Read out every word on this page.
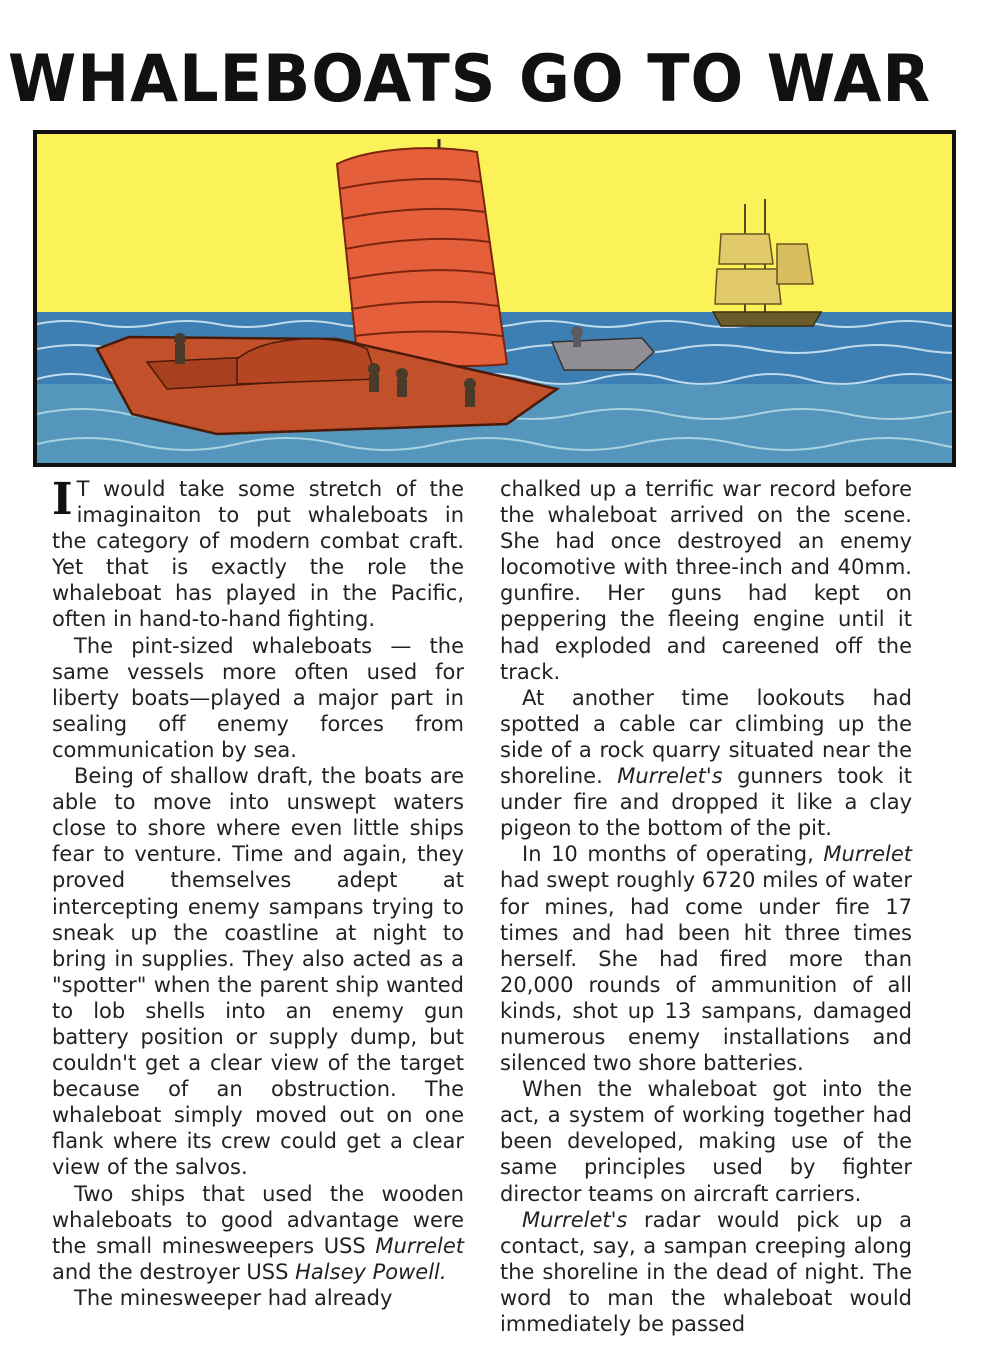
WHALEBOATS GO TO WAR

I T would take some stretch of the imaginaiton to put whaleboats in the category of modern combat craft. Yet that is exactly the role the whaleboat has played in the Pacific, often in hand-to-hand fighting.

The pint-sized whaleboats — the same vessels more often used for liberty boats—played a major part in sealing off enemy forces from communication by sea.

Being of shallow draft, the boats are able to move into unswept waters close to shore where even little ships fear to venture. Time and again, they proved themselves adept at intercepting enemy sampans trying to sneak up the coastline at night to bring in supplies. They also acted as a "spotter" when the parent ship wanted to lob shells into an enemy gun battery position or supply dump, but couldn't get a clear view of the target because of an obstruction. The whaleboat simply moved out on one flank where its crew could get a clear view of the salvos.

Two ships that used the wooden whaleboats to good advantage were the small minesweepers USS Murrelet and the destroyer USS Halsey Powell.

The minesweeper had already

chalked up a terrific war record before the whaleboat arrived on the scene. She had once destroyed an enemy locomotive with three-inch and 40mm. gunfire. Her guns had kept on peppering the fleeing engine until it had exploded and careened off the track.

At another time lookouts had spotted a cable car climbing up the side of a rock quarry situated near the shoreline. Murrelet's gunners took it under fire and dropped it like a clay pigeon to the bottom of the pit.

In 10 months of operating, Murrelet had swept roughly 6720 miles of water for mines, had come under fire 17 times and had been hit three times herself. She had fired more than 20,000 rounds of ammunition of all kinds, shot up 13 sampans, damaged numerous enemy installations and silenced two shore batteries.

When the whaleboat got into the act, a system of working together had been developed, making use of the same principles used by fighter director teams on aircraft carriers.

Murrelet's radar would pick up a contact, say, a sampan creeping along the shoreline in the dead of night. The word to man the whaleboat would immediately be passed
